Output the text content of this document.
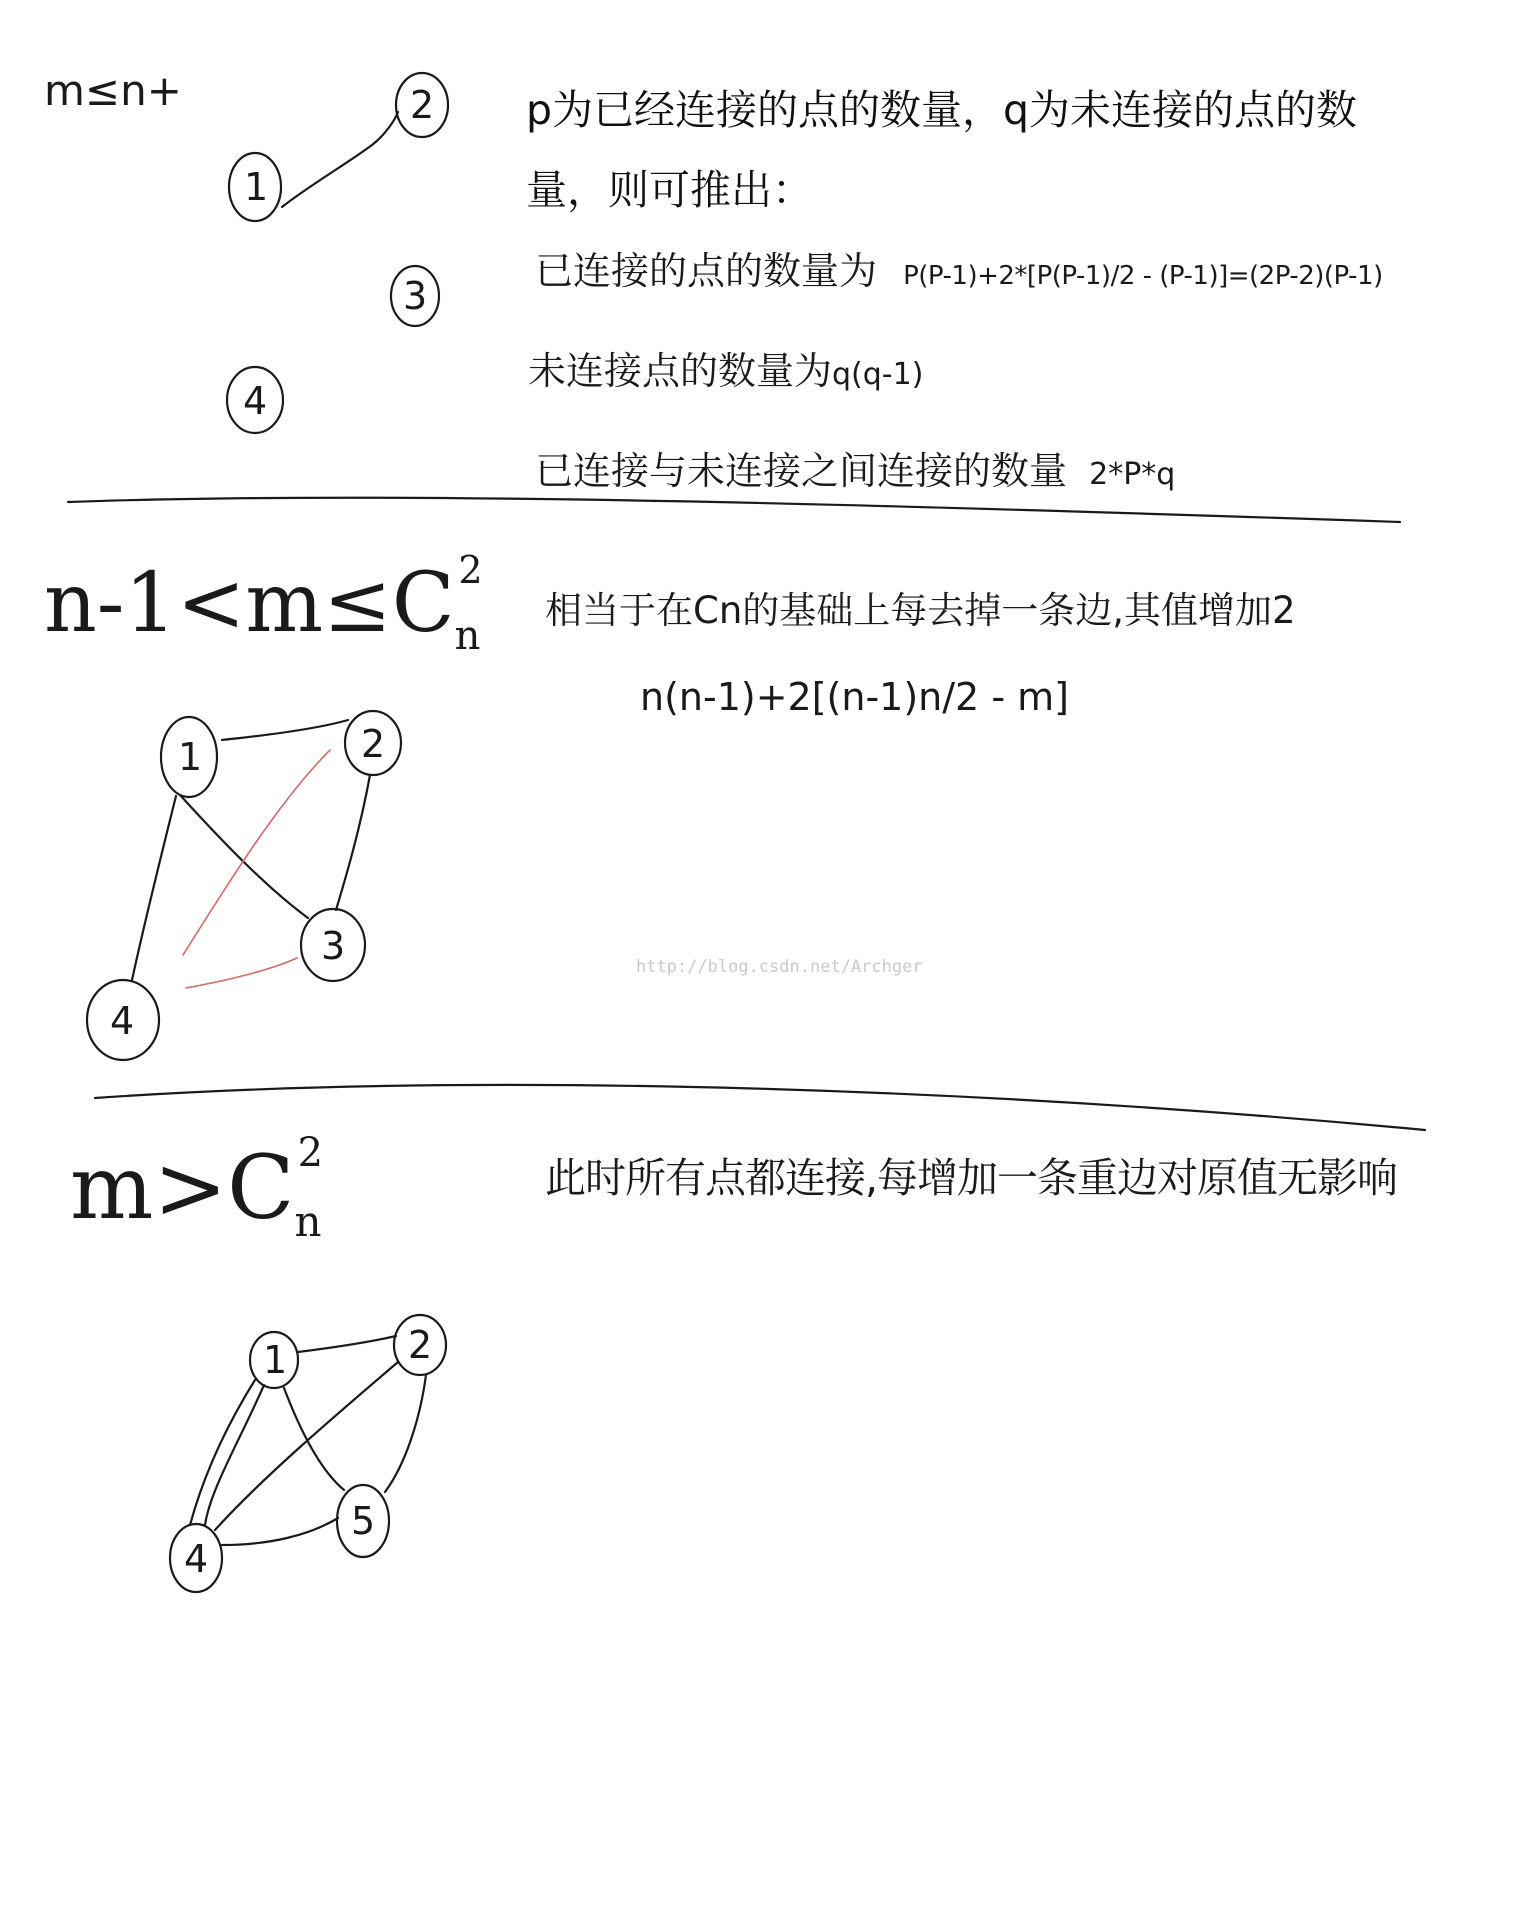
1
2
3
4
1	2
3
4
1	2
5
4
m≤n+	p为已经连接的点的数量，q为未连接的点的数
量，则可推出：
已连接的点的数量为 P(P-1)+2*[P(P-1)/2 - (P-1)]=(2P-2)(P-1)
未连接点的数量为q(q-1)
已连接与未连接之间连接的数量 2*P*q
$n-1<m\le C_n^2$
相当于在Cn的基础上每去掉一条边,其值增加2
n(n-1)+2[(n-1)n/2 - m]
$m>C_n^2$
此时所有点都连接,每增加一条重边对原值无影响
http://blog.csdn.net/Archger
